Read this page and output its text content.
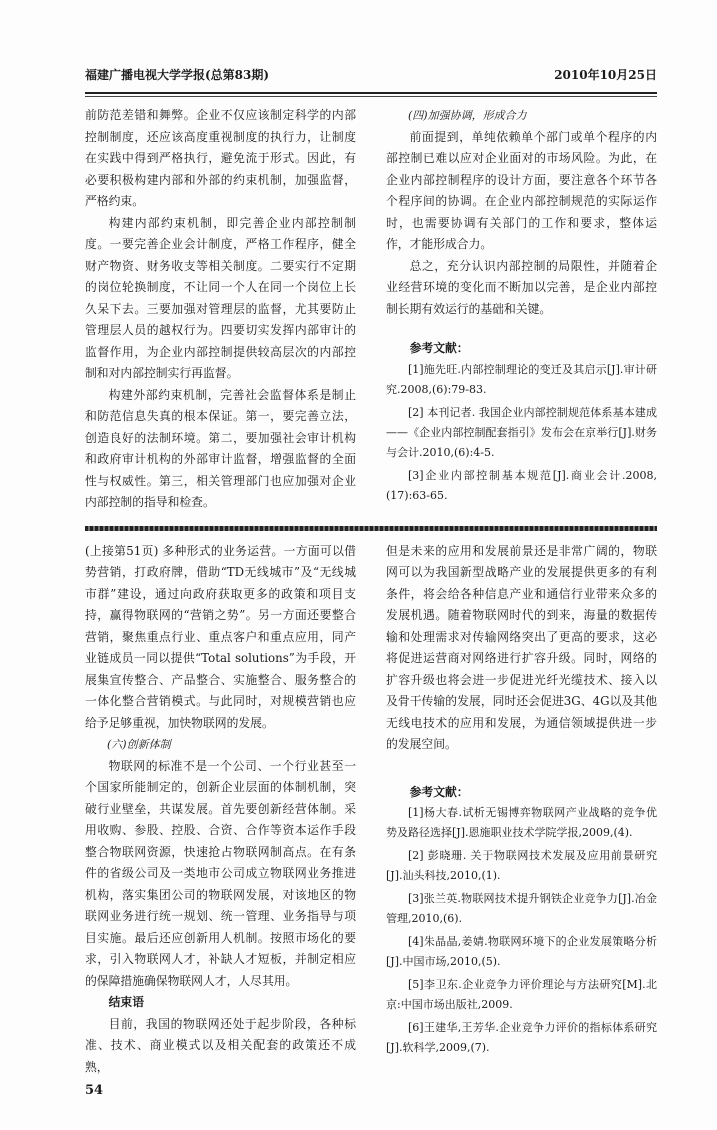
福建广播电视大学学报(总第83期)	2010年10月25日

前防范差错和舞弊。企业不仅应该制定科学的内部控制制度，还应该高度重视制度的执行力，让制度在实践中得到严格执行，避免流于形式。因此，有必要积极构建内部和外部的约束机制，加强监督，严格约束。

构建内部约束机制，即完善企业内部控制制度。一要完善企业会计制度，严格工作程序，健全财产物资、财务收支等相关制度。二要实行不定期的岗位轮换制度，不让同一个人在同一个岗位上长久呆下去。三要加强对管理层的监督，尤其要防止管理层人员的越权行为。四要切实发挥内部审计的监督作用，为企业内部控制提供较高层次的内部控制和对内部控制实行再监督。

构建外部约束机制，完善社会监督体系是制止和防范信息失真的根本保证。第一，要完善立法，创造良好的法制环境。第二，要加强社会审计机构和政府审计机构的外部审计监督，增强监督的全面性与权威性。第三，相关管理部门也应加强对企业内部控制的指导和检查。

(四)加强协调，形成合力

前面提到，单纯依赖单个部门或单个程序的内部控制已难以应对企业面对的市场风险。为此，在企业内部控制程序的设计方面，要注意各个环节各个程序间的协调。在企业内部控制规范的实际运作时，也需要协调有关部门的工作和要求，整体运作，才能形成合力。

总之，充分认识内部控制的局限性，并随着企业经营环境的变化而不断加以完善，是企业内部控制长期有效运行的基础和关键。

参考文献：

[1]施先旺.内部控制理论的变迁及其启示[J].审计研究.2008,(6):79-83.

[2] 本刊记者. 我国企业内部控制规范体系基本建成——《企业内部控制配套指引》发布会在京举行[J].财务与会计.2010,(6):4-5.

[3]企业内部控制基本规范[J].商业会计.2008,(17):63-65.

(上接第51页) 多种形式的业务运营。一方面可以借势营销，打政府牌，借助“TD无线城市”及“无线城市群”建设，通过向政府获取更多的政策和项目支持，赢得物联网的“营销之势”。另一方面还要整合营销，聚焦重点行业、重点客户和重点应用，同产业链成员一同以提供“Total solutions”为手段，开展集宣传整合、产品整合、实施整合、服务整合的一体化整合营销模式。与此同时，对规模营销也应给予足够重视，加快物联网的发展。

(六)创新体制

物联网的标准不是一个公司、一个行业甚至一个国家所能制定的，创新企业层面的体制机制，突破行业壁垒，共谋发展。首先要创新经营体制。采用收购、参股、控股、合资、合作等资本运作手段整合物联网资源，快速抢占物联网制高点。在有条件的省级公司及一类地市公司成立物联网业务推进机构，落实集团公司的物联网发展，对该地区的物联网业务进行统一规划、统一管理、业务指导与项目实施。最后还应创新用人机制。按照市场化的要求，引入物联网人才，补缺人才短板，并制定相应的保障措施确保物联网人才，人尽其用。

结束语

目前，我国的物联网还处于起步阶段，各种标准、技术、商业模式以及相关配套的政策还不成熟，

54

但是未来的应用和发展前景还是非常广阔的，物联网可以为我国新型战略产业的发展提供更多的有利条件，将会给各种信息产业和通信行业带来众多的发展机遇。随着物联网时代的到来，海量的数据传输和处理需求对传输网络突出了更高的要求，这必将促进运营商对网络进行扩容升级。同时，网络的扩容升级也将会进一步促进光纤光缆技术、接入以及骨干传输的发展，同时还会促进3G、4G以及其他无线电技术的应用和发展，为通信领域提供进一步的发展空间。

参考文献：

[1]杨大春.试析无锡博弈物联网产业战略的竞争优势及路径选择[J].恩施职业技术学院学报,2009,(4).

[2] 彭晓珊. 关于物联网技术发展及应用前景研究[J].汕头科技,2010,(1).

[3]张兰英.物联网技术提升钢铁企业竞争力[J].冶金管理,2010,(6).

[4]朱晶晶,姜婧.物联网环境下的企业发展策略分析[J].中国市场,2010,(5).

[5]李卫东.企业竞争力评价理论与方法研究[M].北京:中国市场出版社,2009.

[6]王建华,王芳华.企业竞争力评价的指标体系研究[J].软科学,2009,(7).
